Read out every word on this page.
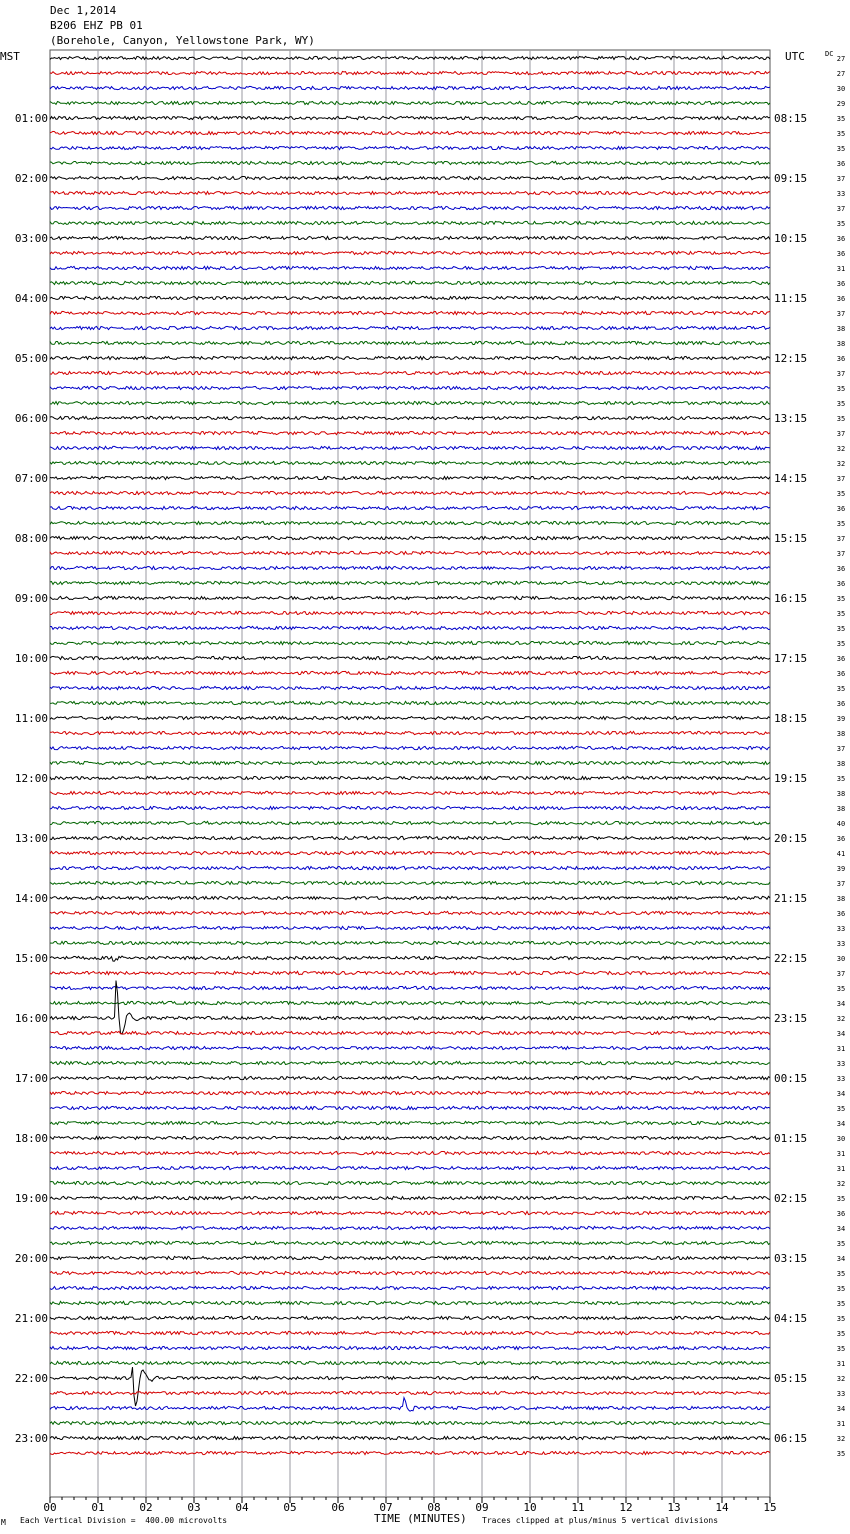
Dec 1,2014
B206 EHZ PB 01
(Borehole, Canyon, Yellowstone Park, WY)
MST	UTC
00	01	02	03	04	05	06	07	08	09	10	11	12	13	14	15
27
27
30
29
35
35
35
36
37
33
37
35
36
36
31
36
36
37
38
38
36
37
35
35
35
37
32
32
37
35
36
35
37
37
36
36
35
35
35
35
36
36
35
36
39
38
37
38
35
38
38
40
36
41
39
37
38
36
33
33
30
37
35
34
32
34
31
33
33
34
35
34
30
31
31
32
35
36
34
35
34
35
35
35
35
35
35
31
32
33
34
31
32
35
DC
01:00	08:15
02:00	09:15
03:00	10:15
04:00	11:15
05:00	12:15
06:00	13:15
07:00	14:15
08:00	15:15
09:00	16:15
10:00	17:15
11:00	18:15
12:00	19:15
13:00	20:15
14:00	21:15
15:00	22:15
16:00	23:15
17:00	00:15
18:00	01:15
19:00	02:15
20:00	03:15
21:00	04:15
22:00	05:15
23:00	06:15
M Each Vertical Division =  400.00 microvolts	TIME (MINUTES) Traces clipped at plus/minus 5 vertical divisions
